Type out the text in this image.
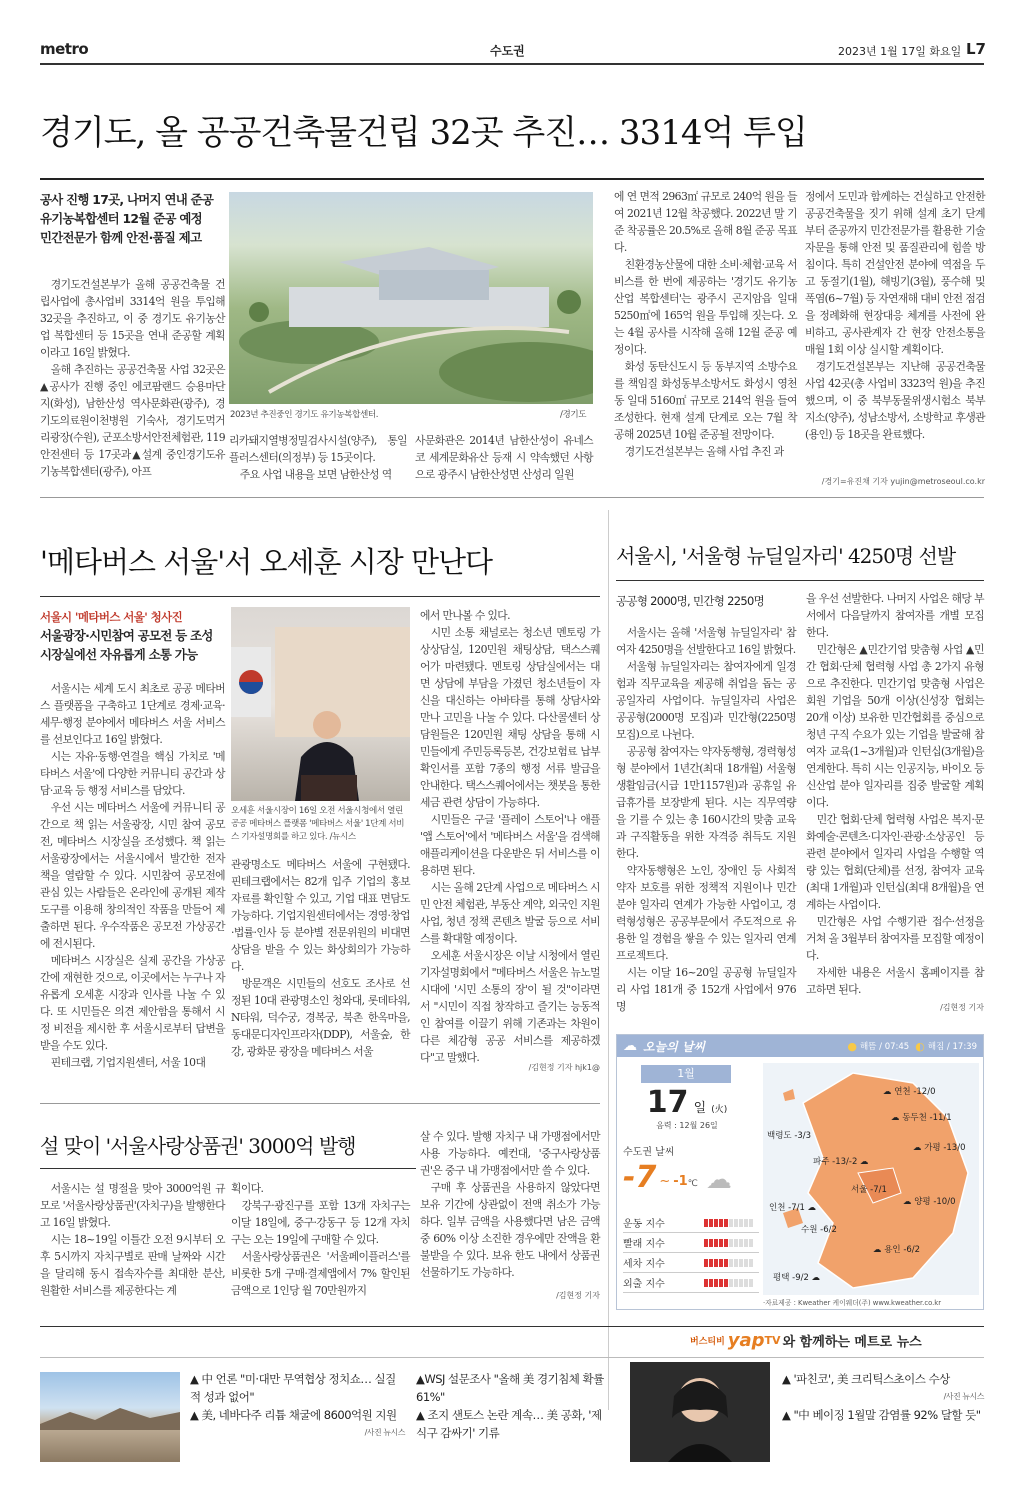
metro	수도권	2023년 1월 17일 화요일 L7
경기도, 올 공공건축물건립 32곳 추진… 3314억 투입
공사 진행 17곳, 나머지 연내 준공
유기농복합센터 12월 준공 예정
민간전문가 함께 안전·품질 제고

경기도건설본부가 올해 공공건축물 건립사업에 총사업비 3314억 원을 투입해 32곳을 추진하고, 이 중 경기도 유기농산업 복합센터 등 15곳을 연내 준공할 계획이라고 16일 밝혔다.

올해 추진하는 공공건축물 사업 32곳은 ▲공사가 진행 중인 에코팜랜드 승용마단지(화성), 남한산성 역사문화관(광주), 경기도의료원이천병원 기숙사, 경기도먹거리광장(수원), 군포소방서안전체험관, 119안전센터 등 17곳과▲설계 중인경기도유기농복합센터(광주), 아프

2023년 추진중인 경기도 유기농복합센터.	/경기도

리카돼지열병정밀검사시설(양주), 통일플러스센터(의정부) 등 15곳이다.

주요 사업 내용을 보면 남한산성 역

사문화관은 2014년 남한산성이 유네스코 세계문화유산 등재 시 약속했던 사항으로 광주시 남한산성면 산성리 일원

에 연 면적 2963㎡ 규모로 240억 원을 들여 2021년 12월 착공했다. 2022년 말 기준 착공률은 20.5%로 올해 8월 준공 목표다.

친환경농산물에 대한 소비·체험·교육 서비스를 한 번에 제공하는 '경기도 유기농산업 복합센터'는 광주시 곤지암읍 일대 5250㎡에 165억 원을 투입해 짓는다. 오는 4월 공사를 시작해 올해 12월 준공 예정이다.

화성 동탄신도시 등 동부지역 소방수요를 책임질 화성동부소방서도 화성시 영천동 일대 5160㎡ 규모로 214억 원을 들여 조성한다. 현재 설계 단계로 오는 7월 착공해 2025년 10월 준공될 전망이다.

경기도건설본부는 올해 사업 추진 과

정에서 도민과 함께하는 건실하고 안전한 공공건축물을 짓기 위해 설계 초기 단계부터 준공까지 민간전문가를 활용한 기술 자문을 통해 안전 및 품질관리에 힘쓸 방침이다. 특히 건설안전 분야에 역점을 두고 동절기(1월), 해빙기(3월), 풍수해 및 폭염(6~7월) 등 자연재해 대비 안전 점검을 정례화해 현장대응 체계를 사전에 완비하고, 공사관계자 간 현장 안전소통을 매월 1회 이상 실시할 계획이다.

경기도건설본부는 지난해 공공건축물 사업 42곳(총 사업비 3323억 원)을 추진했으며, 이 중 북부동물위생시험소 북부지소(양주), 성남소방서, 소방학교 후생관(용인) 등 18곳을 완료했다.

/경기=유진채 기자 yujin@metroseoul.co.kr
'메타버스 서울'서 오세훈 시장 만난다
서울시 '메타버스 서울' 청사진
서울광장·시민참여 공모전 등 조성
시장실에선 자유롭게 소통 가능

서울시는 세계 도시 최초로 공공 메타버스 플랫폼을 구축하고 1단계로 경제·교육·세무·행정 분야에서 메타버스 서울 서비스를 선보인다고 16일 밝혔다.

시는 자유·동행·연결을 핵심 가치로 '메타버스 서울'에 다양한 커뮤니티 공간과 상담·교육 등 행정 서비스를 담았다.

우선 시는 메타버스 서울에 커뮤니티 공간으로 책 읽는 서울광장, 시민 참여 공모전, 메타버스 시장실을 조성했다. 책 읽는 서울광장에서는 서울시에서 발간한 전자책을 열람할 수 있다. 시민참여 공모전에 관심 있는 사람들은 온라인에 공개된 제작도구를 이용해 창의적인 작품을 만들어 제출하면 된다. 우수작품은 공모전 가상공간에 전시된다.

메타버스 시장실은 실제 공간을 가상공간에 재현한 것으로, 이곳에서는 누구나 자유롭게 오세훈 시장과 인사를 나눌 수 있다. 또 시민들은 의견 제안함을 통해서 시정 비전을 제시한 후 서울시로부터 답변을 받을 수도 있다.

핀테크랩, 기업지원센터, 서울 10대

오세훈 서울시장이 16일 오전 서울시청에서 열린 공공 메타버스 플랫폼 '메타버스 서울' 1단계 서비스 기자설명회를 하고 있다. /뉴시스

관광명소도 메타버스 서울에 구현됐다. 핀테크랩에서는 82개 입주 기업의 홍보 자료를 확인할 수 있고, 기업 대표 면담도 가능하다. 기업지원센터에서는 경영·창업·법률·인사 등 분야별 전문위원의 비대면 상담을 받을 수 있는 화상회의가 가능하다.

방문객은 시민들의 선호도 조사로 선정된 10대 관광명소인 청와대, 롯데타워, N타워, 덕수궁, 경복궁, 북촌 한옥마을, 동대문디자인프라자(DDP), 서울숲, 한강, 광화문 광장을 메타버스 서울

에서 만나볼 수 있다.

시민 소통 채널로는 청소년 멘토링 가상상담실, 120민원 채팅상담, 택스스퀘어가 마련됐다. 멘토링 상담실에서는 대면 상담에 부담을 가졌던 청소년들이 자신을 대신하는 아바타를 통해 상담사와 만나 고민을 나눌 수 있다. 다산콜센터 상담원들은 120민원 채팅 상담을 통해 시민들에게 주민등록등본, 건강보험료 납부확인서를 포함 7종의 행정 서류 발급을 안내한다. 택스스퀘어에서는 챗봇을 통한 세금 관련 상담이 가능하다.

시민들은 구글 '플레이 스토어'나 애플 '앱 스토어'에서 '메타버스 서울'을 검색해 애플리케이션을 다운받은 뒤 서비스를 이용하면 된다.

시는 올해 2단계 사업으로 메타버스 시민 안전 체험관, 부동산 계약, 외국인 지원사업, 청년 정책 콘텐츠 발굴 등으로 서비스를 확대할 예정이다.

오세훈 서울시장은 이날 시청에서 열린 기자설명회에서 "메타버스 서울은 뉴노멀 시대에 '시민 소통의 장'이 될 것"이라면서 "시민이 직접 창작하고 즐기는 능동적인 참여를 이끌기 위해 기존과는 차원이 다른 체감형 공공 서비스를 제공하겠다"고 말했다.

/김현정 기자 hjk1@
서울시, '서울형 뉴딜일자리' 4250명 선발
공공형 2000명, 민간형 2250명

서울시는 올해 '서울형 뉴딜일자리' 참여자 4250명을 선발한다고 16일 밝혔다.

서울형 뉴딜일자리는 참여자에게 일경험과 직무교육을 제공해 취업을 돕는 공공일자리 사업이다. 뉴딜일자리 사업은 공공형(2000명 모집)과 민간형(2250명 모집)으로 나뉜다.

공공형 참여자는 약자동행형, 경력형성형 분야에서 1년간(최대 18개월) 서울형 생활임금(시급 1만1157원)과 공휴일 유급휴가를 보장받게 된다. 시는 직무역량을 기를 수 있는 총 160시간의 맞춤 교육과 구직활동을 위한 자격증 취득도 지원한다.

약자동행형은 노인, 장애인 등 사회적 약자 보호를 위한 정책적 지원이나 민간분야 일자리 연계가 가능한 사업이고, 경력형성형은 공공부문에서 주도적으로 유용한 일 경험을 쌓을 수 있는 일자리 연계 프로젝트다.

시는 이달 16~20일 공공형 뉴딜일자리 사업 181개 중 152개 사업에서 976명

을 우선 선발한다. 나머지 사업은 해당 부서에서 다음달까지 참여자를 개별 모집한다.

민간형은 ▲민간기업 맞춤형 사업 ▲민간 협회·단체 협력형 사업 총 2가지 유형으로 추진한다. 민간기업 맞춤형 사업은 회원 기업을 50개 이상(신성장 협회는 20개 이상) 보유한 민간협회를 중심으로 청년 구직 수요가 있는 기업을 발굴해 참여자 교육(1~3개월)과 인턴십(3개월)을 연계한다. 특히 시는 인공지능, 바이오 등 신산업 분야 일자리를 집중 발굴할 계획이다.

민간 협회·단체 협력형 사업은 복지·문화예술·콘텐츠·디자인·관광·소상공인 등 관련 분야에서 일자리 사업을 수행할 역량 있는 협회(단체)를 선정, 참여자 교육(최대 1개월)과 인턴십(최대 8개월)을 연계하는 사업이다.

민간형은 사업 수행기관 접수·선정을 거쳐 올 3월부터 참여자를 모집할 예정이다.

자세한 내용은 서울시 홈페이지를 참고하면 된다.

/김현정 기자
☁ 오늘의 날씨	● 해뜸 / 07:45 ◐ 해짐 / 17:39
1월
17 일 (火)
음력 : 12월 26일
수도권 날씨
-7 ~ -1 ℃ ☁
운동 지수
빨래 지수
세차 지수
외출 지수
☁ 연천 -12/0
☁ 동두천 -11/1
백령도 -3/3
☁ 가평 -13/0
파주 -13/-2 ☁
서울 -7/1
☁ 양평 -10/0
인천 -7/1 ☁
수원 -6/2
☁ 용인 -6/2
평택 -9/2 ☁
·자료제공 : Kweather 케이웨더(주) www.kweather.co.kr
설 맞이 '서울사랑상품권' 3000억 발행

서울시는 설 명절을 맞아 3000억원 규모로 '서울사랑상품권'(자치구)을 발행한다고 16일 밝혔다.

시는 18~19일 이틀간 오전 9시부터 오후 5시까지 자치구별로 판매 날짜와 시간을 달리해 동시 접속자수를 최대한 분산, 원활한 서비스를 제공한다는 계

획이다.

강북구·광진구를 포함 13개 자치구는 이달 18일에, 중구·강동구 등 12개 자치구는 오는 19일에 구매할 수 있다.

서울사랑상품권은 '서울페이플러스'를 비롯한 5개 구매·결제앱에서 7% 할인된 금액으로 1인당 월 70만원까지

살 수 있다. 발행 자치구 내 가맹점에서만 사용 가능하다. 예컨대, '중구사랑상품권'은 중구 내 가맹점에서만 쓸 수 있다.

구매 후 상품권을 사용하지 않았다면 보유 기간에 상관없이 전액 취소가 가능하다. 일부 금액을 사용했다면 남은 금액 중 60% 이상 소진한 경우에만 잔액을 환불받을 수 있다. 보유 한도 내에서 상품권 선물하기도 가능하다.

/김현정 기자
버스티비 yap TV 와 함께하는 메트로 뉴스
▲ 中 언론 "미·대만 무역협상 정치쇼… 실질적 성과 없어"
▲ 美, 네바다주 리튬 채굴에 8600억원 지원
/사진 뉴시스
▲WSJ 설문조사 "올해 美 경기침체 확률 61%"
▲ 조지 샌토스 논란 계속… 美 공화, '제식구 감싸기' 기류
▲ '파친코', 美 크리틱스초이스 수상
/사진 뉴시스
▲ "中 베이징 1월말 감염률 92% 달할 듯"
